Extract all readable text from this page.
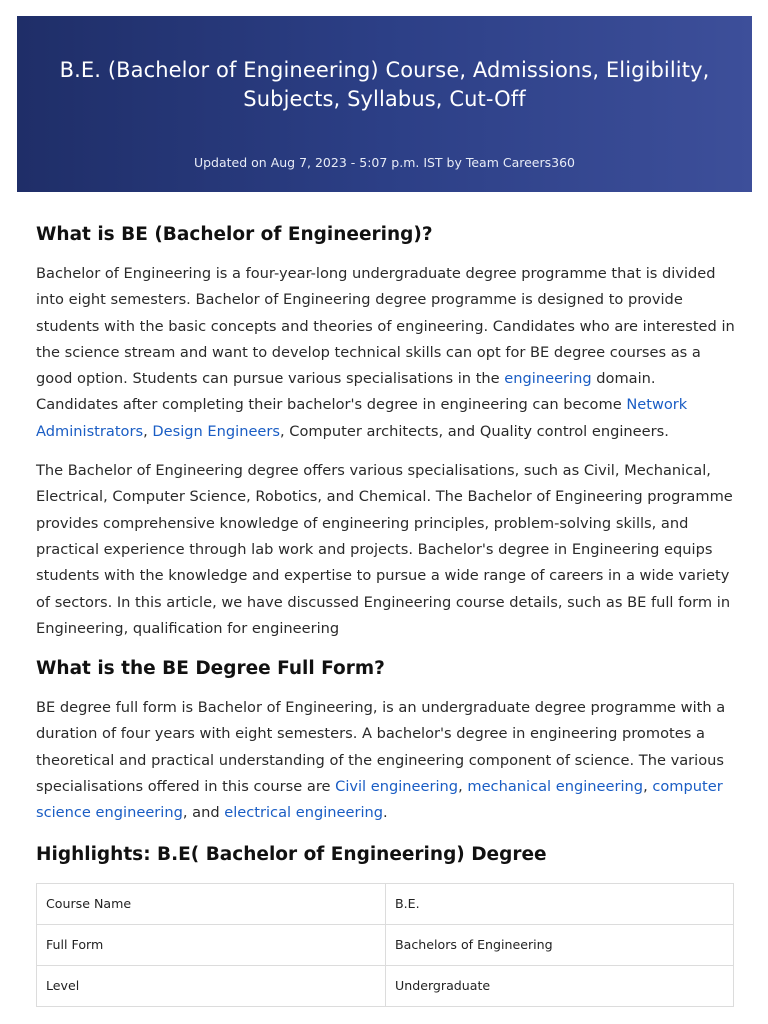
B.E. (Bachelor of Engineering) Course, Admissions, Eligibility, Subjects, Syllabus, Cut-Off
Updated on Aug 7, 2023 - 5:07 p.m. IST by Team Careers360
What is BE (Bachelor of Engineering)?

Bachelor of Engineering is a four-year-long undergraduate degree programme that is divided into eight semesters. Bachelor of Engineering degree programme is designed to provide students with the basic concepts and theories of engineering. Candidates who are interested in the science stream and want to develop technical skills can opt for BE degree courses as a good option. Students can pursue various specialisations in the engineering domain. Candidates after completing their bachelor's degree in engineering can become Network Administrators, Design Engineers, Computer architects, and Quality control engineers.

The Bachelor of Engineering degree offers various specialisations, such as Civil, Mechanical, Electrical, Computer Science, Robotics, and Chemical. The Bachelor of Engineering programme provides comprehensive knowledge of engineering principles, problem-solving skills, and practical experience through lab work and projects. Bachelor's degree in Engineering equips students with the knowledge and expertise to pursue a wide range of careers in a wide variety of sectors. In this article, we have discussed Engineering course details, such as BE full form in Engineering, qualification for engineering

What is the BE Degree Full Form?

BE degree full form is Bachelor of Engineering, is an undergraduate degree programme with a duration of four years with eight semesters. A bachelor's degree in engineering promotes a theoretical and practical understanding of the engineering component of science. The various specialisations offered in this course are Civil engineering, mechanical engineering, computer science engineering, and electrical engineering.

Highlights: B.E( Bachelor of Engineering) Degree
Course Name	B.E.
Full Form	Bachelors of Engineering
Level	Undergraduate
